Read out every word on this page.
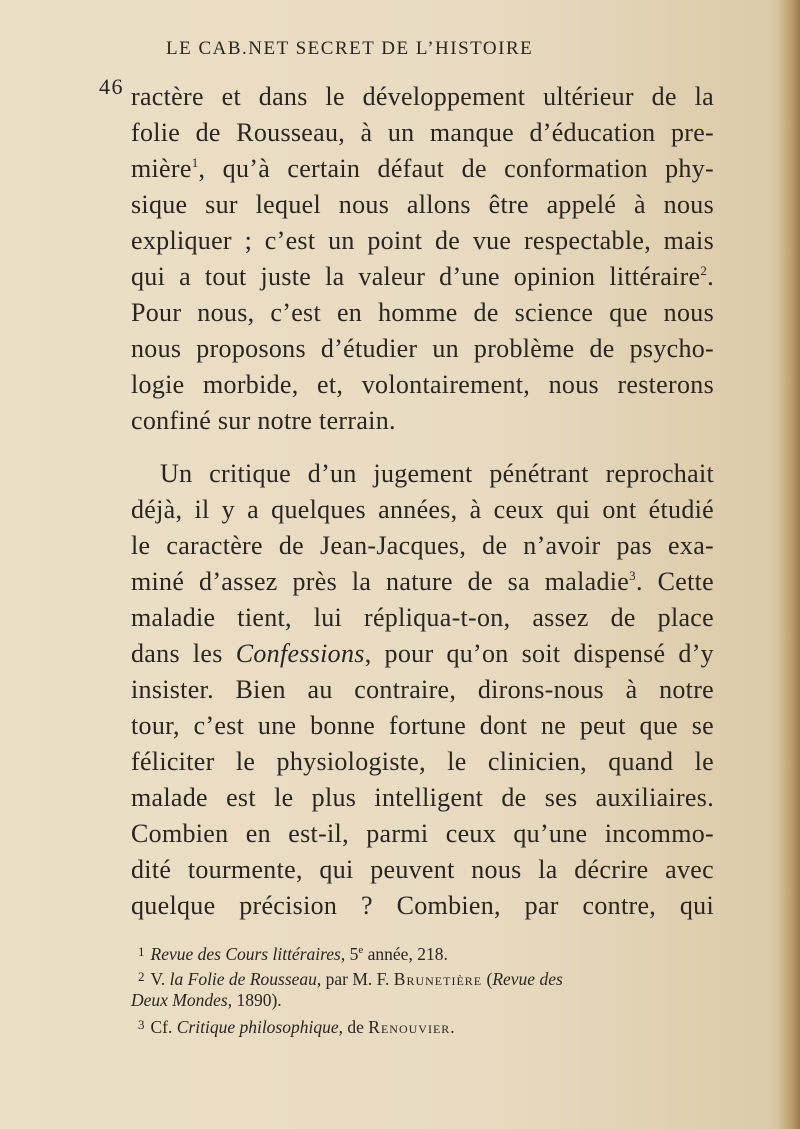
46
LE CAB.NET SECRET DE L’HISTOIRE
ractère et dans le développement ultérieur de la
folie de Rousseau, à un manque d’éducation pre-
mière$^1$, qu’à certain défaut de conformation phy-
sique sur lequel nous allons être appelé à nous
expliquer ; c’est un point de vue respectable, mais
qui a tout juste la valeur d’une opinion littéraire$^2$.
Pour nous, c’est en homme de science que nous
nous proposons d’étudier un problème de psycho-
logie morbide, et, volontairement, nous resterons
confiné sur notre terrain.
Un critique d’un jugement pénétrant reprochait
déjà, il y a quelques années, à ceux qui ont étudié
le caractère de Jean-Jacques, de n’avoir pas exa-
miné d’assez près la nature de sa maladie$^3$. Cette
maladie tient, lui répliqua-t-on, assez de place
dans les Confessions, pour qu’on soit dispensé d’y
insister. Bien au contraire, dirons-nous à notre
tour, c’est une bonne fortune dont ne peut que se
féliciter le physiologiste, le clinicien, quand le
malade est le plus intelligent de ses auxiliaires.
Combien en est-il, parmi ceux qu’une incommo-
dité tourmente, qui peuvent nous la décrire avec
quelque précision ? Combien, par contre, qui
$^1$ Revue des Cours littéraires, 5e année, 218.
$^2$ V. la Folie de Rousseau, par M. F. Brunetière (Revue des
Deux Mondes, 1890).
$^3$ Cf. Critique philosophique, de Renouvier.
